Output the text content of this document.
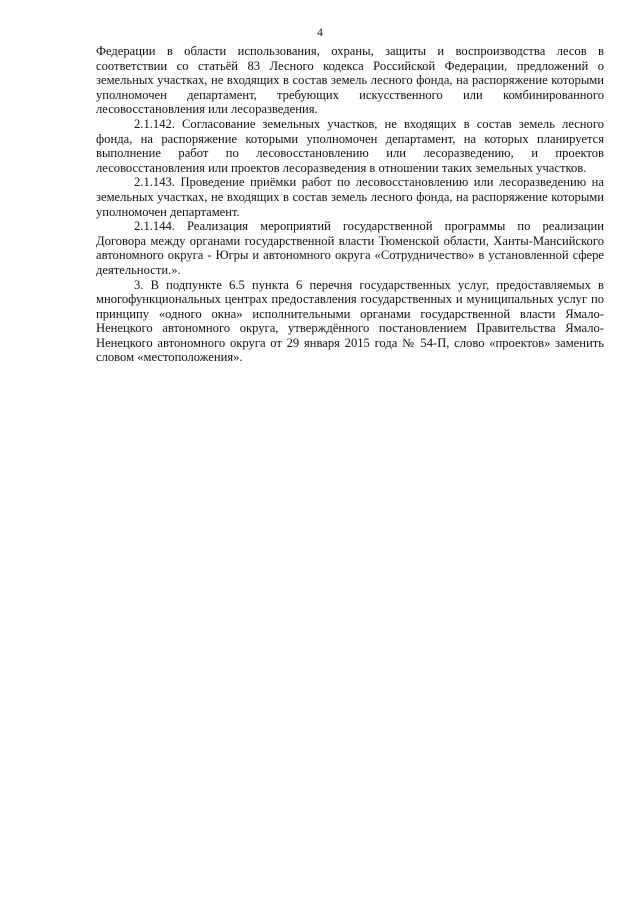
4

Федерации в области использования, охраны, защиты и воспроизводства лесов в соответствии со статьёй 83 Лесного кодекса Российской Федерации, предложений о земельных участках, не входящих в состав земель лесного фонда, на распоряжение которыми уполномочен департамент, требующих искусственного или комбинированного лесовосстановления или лесоразведения.

2.1.142. Согласование земельных участков, не входящих в состав земель лесного фонда, на распоряжение которыми уполномочен департамент, на которых планируется выполнение работ по лесовосстановлению или лесоразведению, и проектов лесовосстановления или проектов лесоразведения в отношении таких земельных участков.

2.1.143. Проведение приёмки работ по лесовосстановлению или лесоразведению на земельных участках, не входящих в состав земель лесного фонда, на распоряжение которыми уполномочен департамент.

2.1.144. Реализация мероприятий государственной программы по реализации Договора между органами государственной власти Тюменской области, Ханты-Мансийского автономного округа - Югры и автономного округа «Сотрудничество» в установленной сфере деятельности.».

3. В подпункте 6.5 пункта 6 перечня государственных услуг, предоставляемых в многофункциональных центрах предоставления государственных и муниципальных услуг по принципу «одного окна» исполнительными органами государственной власти Ямало-Ненецкого автономного округа, утверждённого постановлением Правительства Ямало-Ненецкого автономного округа от 29 января 2015 года № 54-П, слово «проектов» заменить словом «местоположения».
